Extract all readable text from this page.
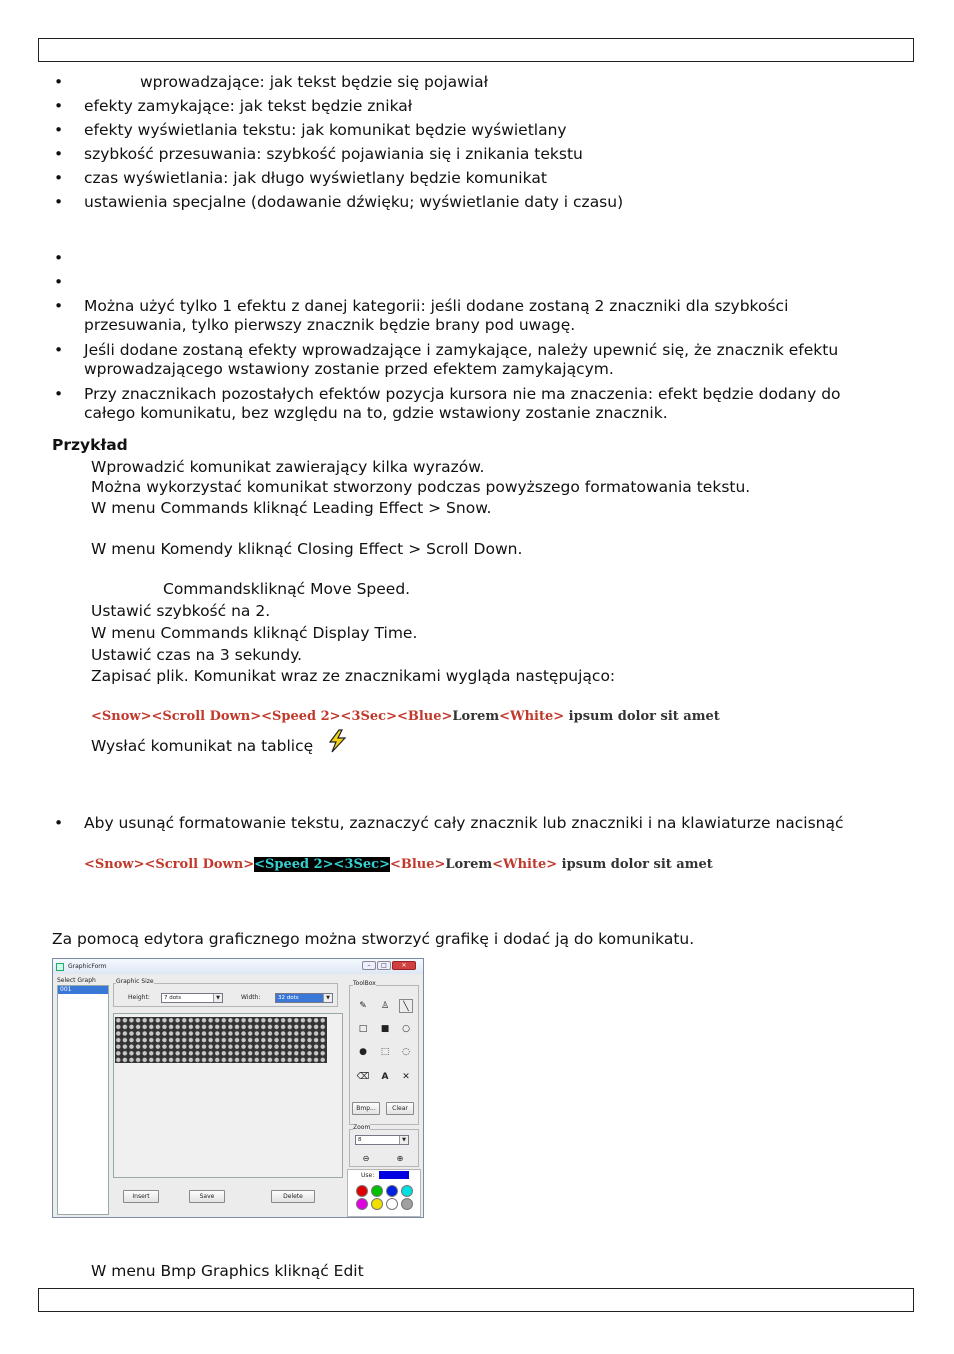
• wprowadzające: jak tekst będzie się pojawiał
• efekty zamykające: jak tekst będzie znikał
• efekty wyświetlania tekstu: jak komunikat będzie wyświetlany
• szybkość przesuwania: szybkość pojawiania się i znikania tekstu
• czas wyświetlania: jak długo wyświetlany będzie komunikat
• ustawienia specjalne (dodawanie dźwięku; wyświetlanie daty i czasu)
•
•
• Można użyć tylko 1 efektu z danej kategorii: jeśli dodane zostaną 2 znaczniki dla szybkości przesuwania, tylko pierwszy znacznik będzie brany pod uwagę.
• Jeśli dodane zostaną efekty wprowadzające i zamykające, należy upewnić się, że znacznik efektu wprowadzającego wstawiony zostanie przed efektem zamykającym.
• Przy znacznikach pozostałych efektów pozycja kursora nie ma znaczenia: efekt będzie dodany do całego komunikatu, bez względu na to, gdzie wstawiony zostanie znacznik.
Przykład
Wprowadzić komunikat zawierający kilka wyrazów.
Można wykorzystać komunikat stworzony podczas powyższego formatowania tekstu.
W menu Commands kliknąć Leading Effect > Snow.
W menu Komendy kliknąć Closing Effect > Scroll Down.
Commandskliknąć Move Speed.
Ustawić szybkość na 2.
W menu Commands kliknąć Display Time.
Ustawić czas na 3 sekundy.
Zapisać plik. Komunikat wraz ze znacznikami wygląda następująco:
<Snow><Scroll Down><Speed 2><3Sec><Blue>Lorem<White> ipsum dolor sit amet
Wysłać komunikat na tablicę
• Aby usunąć formatowanie tekstu, zaznaczyć cały znacznik lub znaczniki i na klawiaturze nacisnąć
<Snow><Scroll Down><Speed 2><3Sec><Blue>Lorem<White> ipsum dolor sit amet
Za pomocą edytora graficznego można stworzyć grafikę i dodać ją do komunikatu.
GraphicForm	–	□	✕
Select Graph
001
Graphic Size
Height:	7 dots	▼	Width:	32 dots	▼
Insert	Save	Delete
ToolBox
✎	♙	╲
□	■	○
●	⬚	◌
⌫	A	✕
Bmp...	Clear
Zoom
8	▼
⊖	⊕
Use:
W menu Bmp Graphics kliknąć Edit
